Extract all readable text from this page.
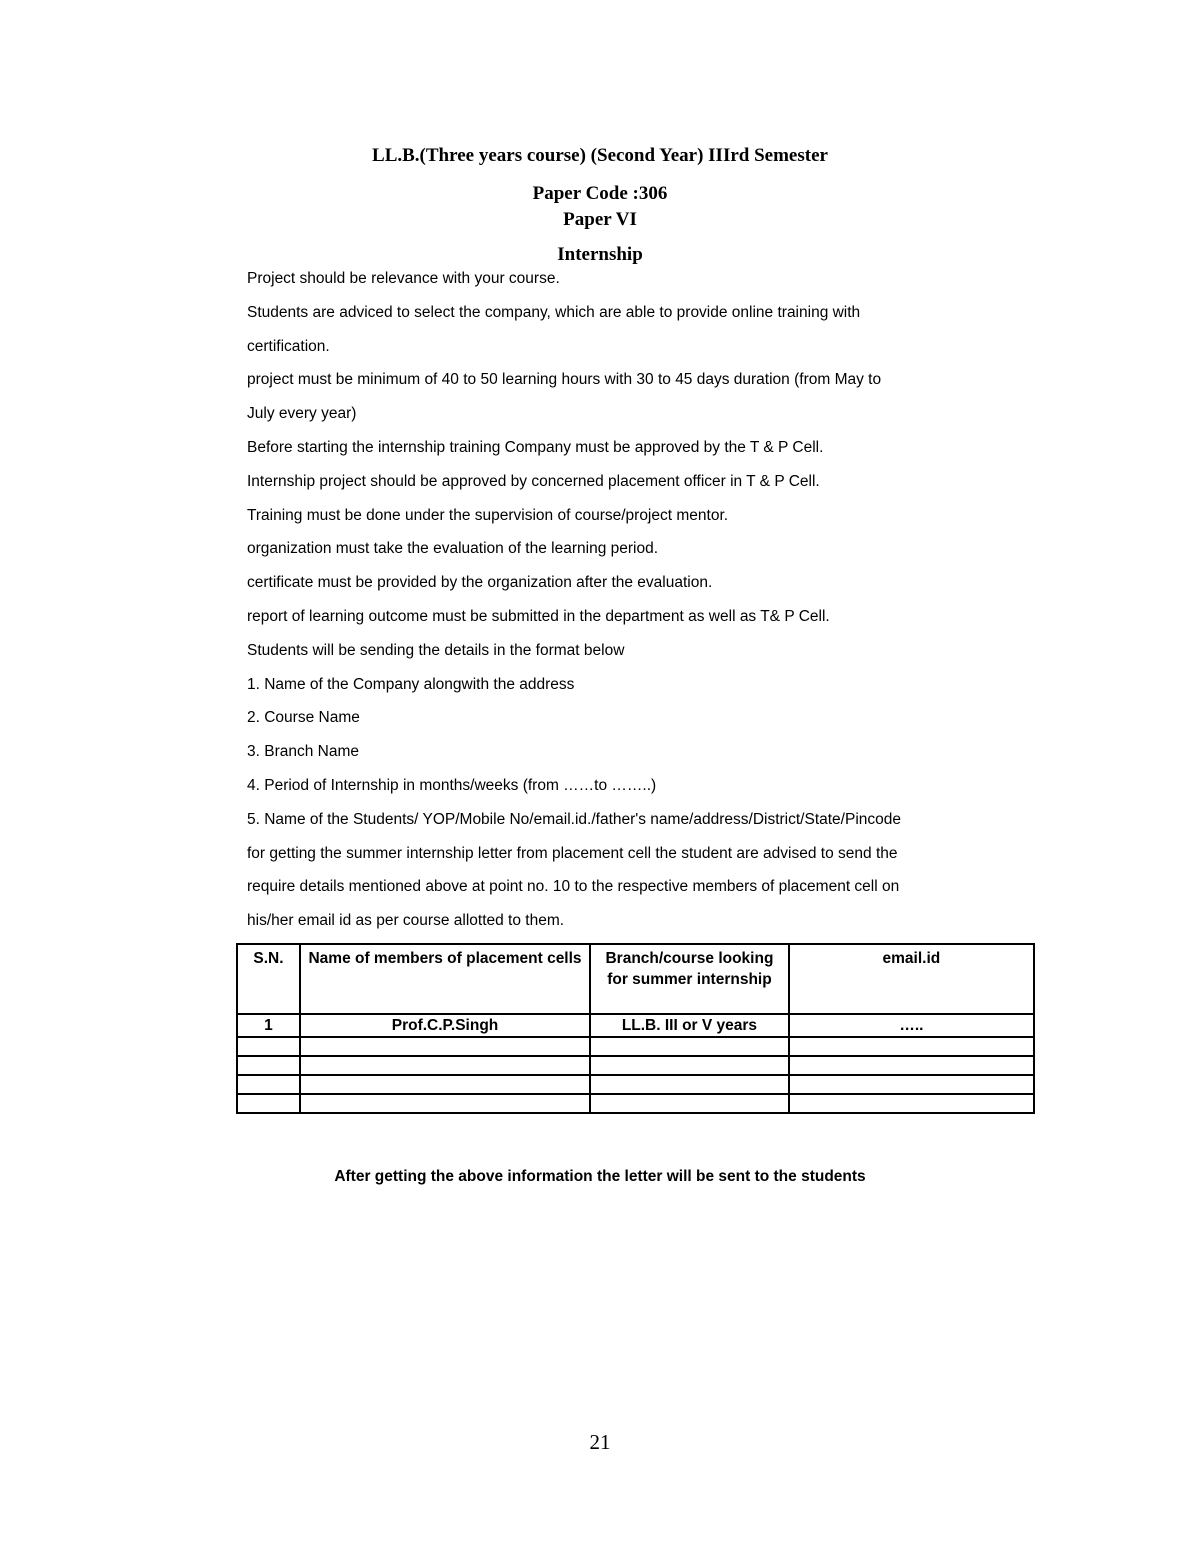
LL.B.(Three years course) (Second Year) IIIrd Semester
Paper Code :306
Paper VI
Internship
Project should be relevance with your course.
Students are adviced to select the company, which are able to provide online training with
certification.
project must be minimum of 40 to 50 learning hours with 30 to 45 days duration (from May to
July every year)
Before starting the internship training Company must be approved by the T & P Cell.
Internship project should be approved by concerned placement officer in T & P Cell.
Training must be done under the supervision of course/project mentor.
organization must take the evaluation of the learning period.
certificate must be provided by the organization after the evaluation.
report of learning outcome must be submitted in the department as well as T& P Cell.
Students will be sending the details in the format below
1. Name of the Company alongwith the address
2. Course Name
3. Branch Name
4. Period of Internship in months/weeks (from ……to ……..)
5. Name of the Students/ YOP/Mobile No/email.id./father's name/address/District/State/Pincode
for getting the summer internship letter from placement cell the student are advised to send the
require details mentioned above at point no. 10 to the respective members of placement cell on
his/her email id as per course allotted to them.
S.N.	Name of members of placement cells	Branch/course looking for summer internship	email.id
1	Prof.C.P.Singh	LL.B. III or V years	…..

After getting the above information the letter will be sent to the students
21
